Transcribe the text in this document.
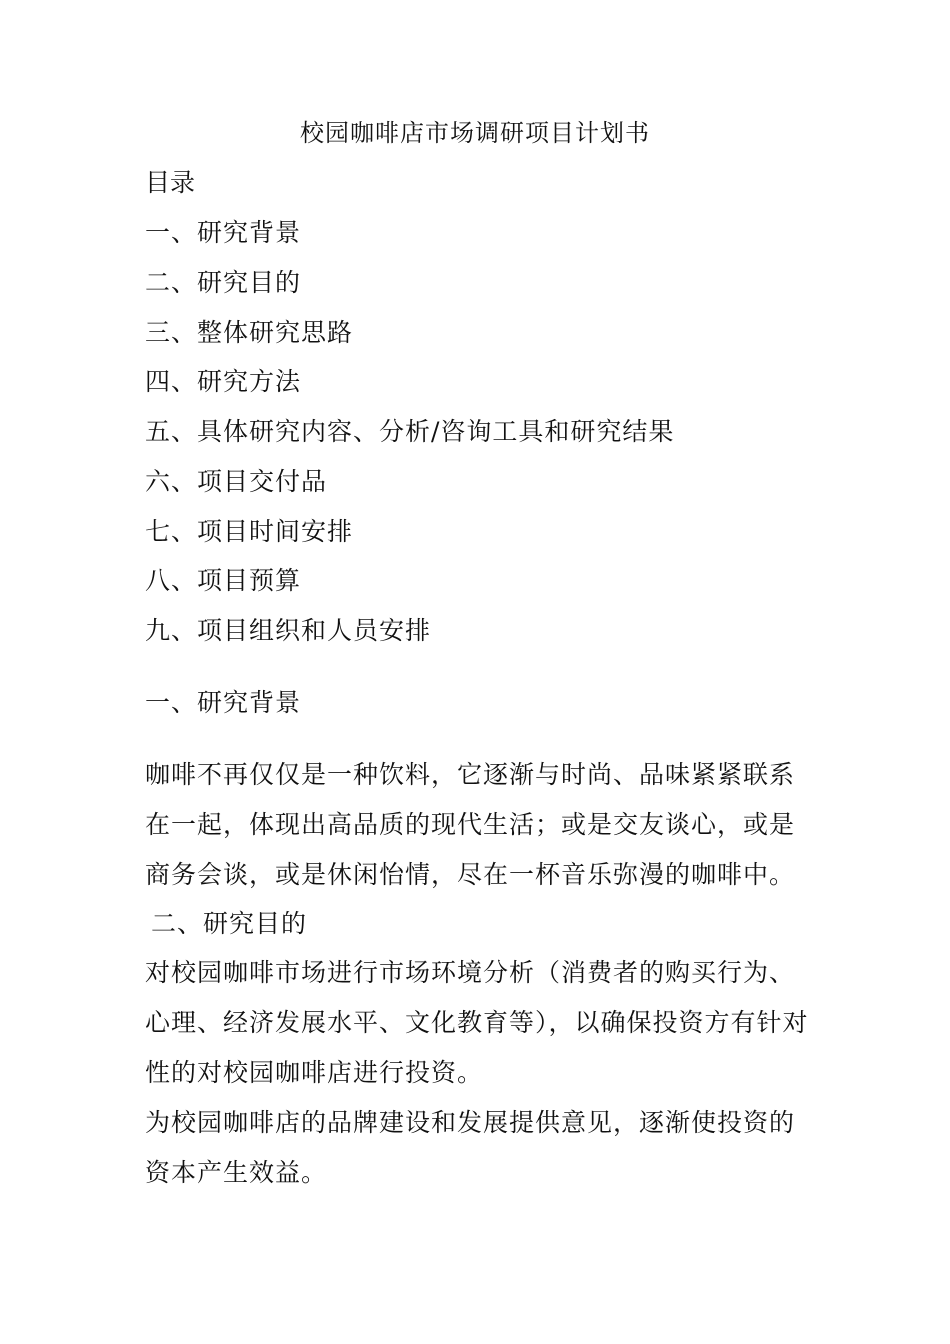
校园咖啡店市场调研项目计划书
目录
一、研究背景
二、研究目的
三、整体研究思路
四、研究方法
五、具体研究内容、分析/咨询工具和研究结果
六、项目交付品
七、项目时间安排
八、项目预算
九、项目组织和人员安排
一、研究背景

咖啡不再仅仅是一种饮料，它逐渐与时尚、品味紧紧联系在一起，体现出高品质的现代生活；或是交友谈心，或是商务会谈，或是休闲怡情，尽在一杯音乐弥漫的咖啡中。

二、研究目的

对校园咖啡市场进行市场环境分析（消费者的购买行为、心理、经济发展水平、文化教育等），以确保投资方有针对性的对校园咖啡店进行投资。

为校园咖啡店的品牌建设和发展提供意见，逐渐使投资的资本产生效益。
